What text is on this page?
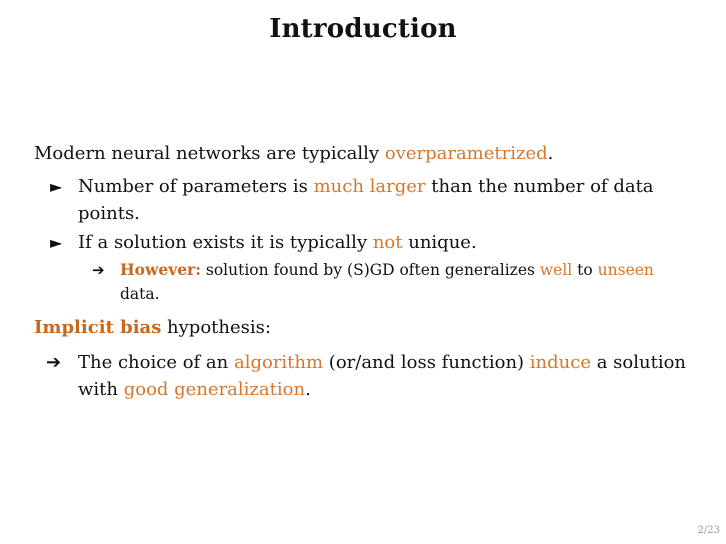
Introduction

Modern neural networks are typically overparametrized.

► Number of parameters is much larger than the number of data points.
► If a solution exists it is typically not unique.
➔ However: solution found by (S)GD often generalizes well to unseen data.

Implicit bias hypothesis:

➔ The choice of an algorithm (or/and loss function) induce a solution with good generalization.
2/23
